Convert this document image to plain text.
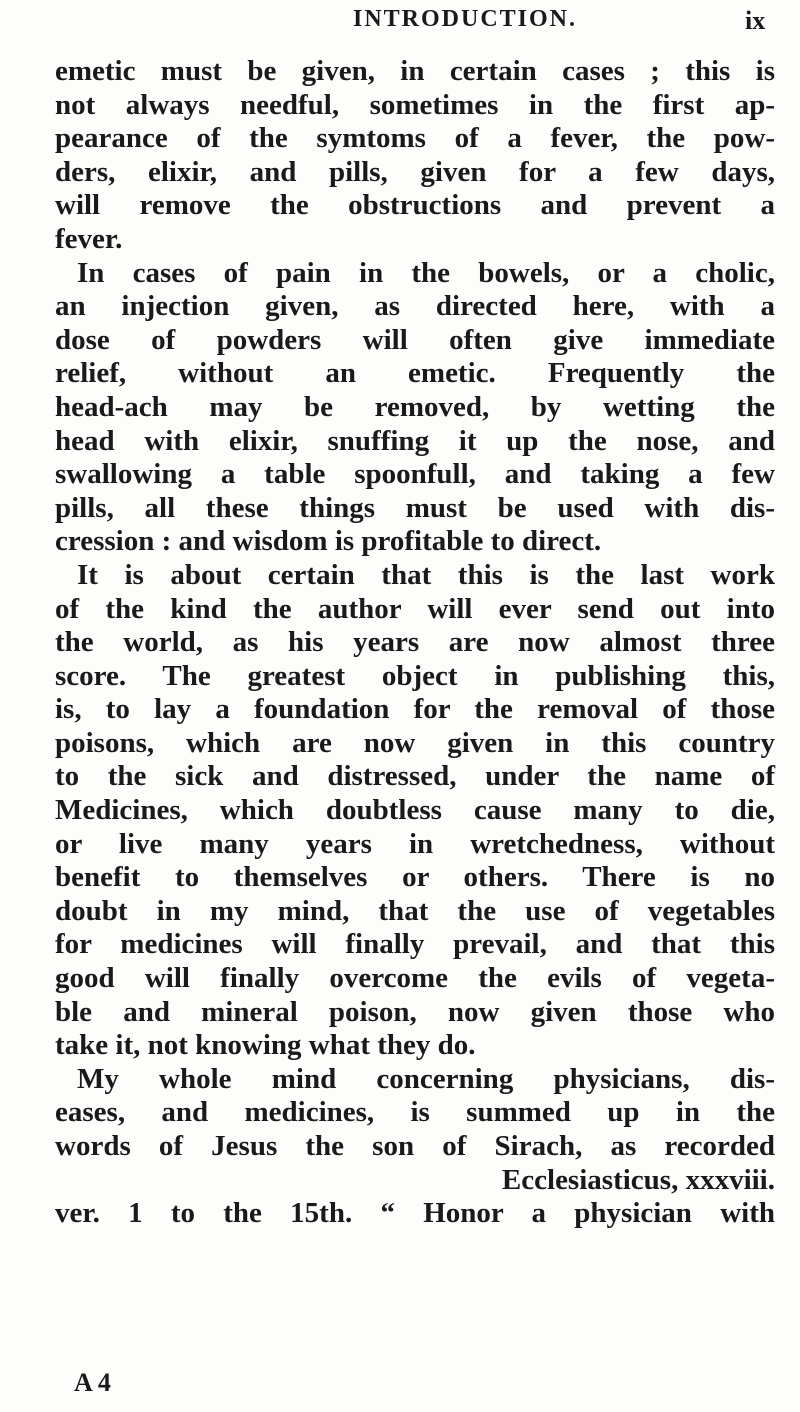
INTRODUCTION.	ix
emetic must be given, in certain cases ; this is
not always needful, sometimes in the first ap-
pearance of the symtoms of a fever, the pow-
ders, elixir, and pills, given for a few days,
will remove the obstructions and prevent a
fever.
In cases of pain in the bowels, or a cholic,
an injection given, as directed here, with a
dose of powders will often give immediate
relief, without an emetic. Frequently the
head-ach may be removed, by wetting the
head with elixir, snuffing it up the nose, and
swallowing a table spoonfull, and taking a few
pills, all these things must be used with dis-
cression : and wisdom is profitable to direct.
It is about certain that this is the last work
of the kind the author will ever send out into
the world, as his years are now almost three
score. The greatest object in publishing this,
is, to lay a foundation for the removal of those
poisons, which are now given in this country
to the sick and distressed, under the name of
Medicines, which doubtless cause many to die,
or live many years in wretchedness, without
benefit to themselves or others. There is no
doubt in my mind, that the use of vegetables
for medicines will finally prevail, and that this
good will finally overcome the evils of vegeta-
ble and mineral poison, now given those who
take it, not knowing what they do.
My whole mind concerning physicians, dis-
eases, and medicines, is summed up in the
words of Jesus the son of Sirach, as recorded
Ecclesiasticus, xxxviii.
ver. 1 to the 15th. “ Honor a physician with
A 4
